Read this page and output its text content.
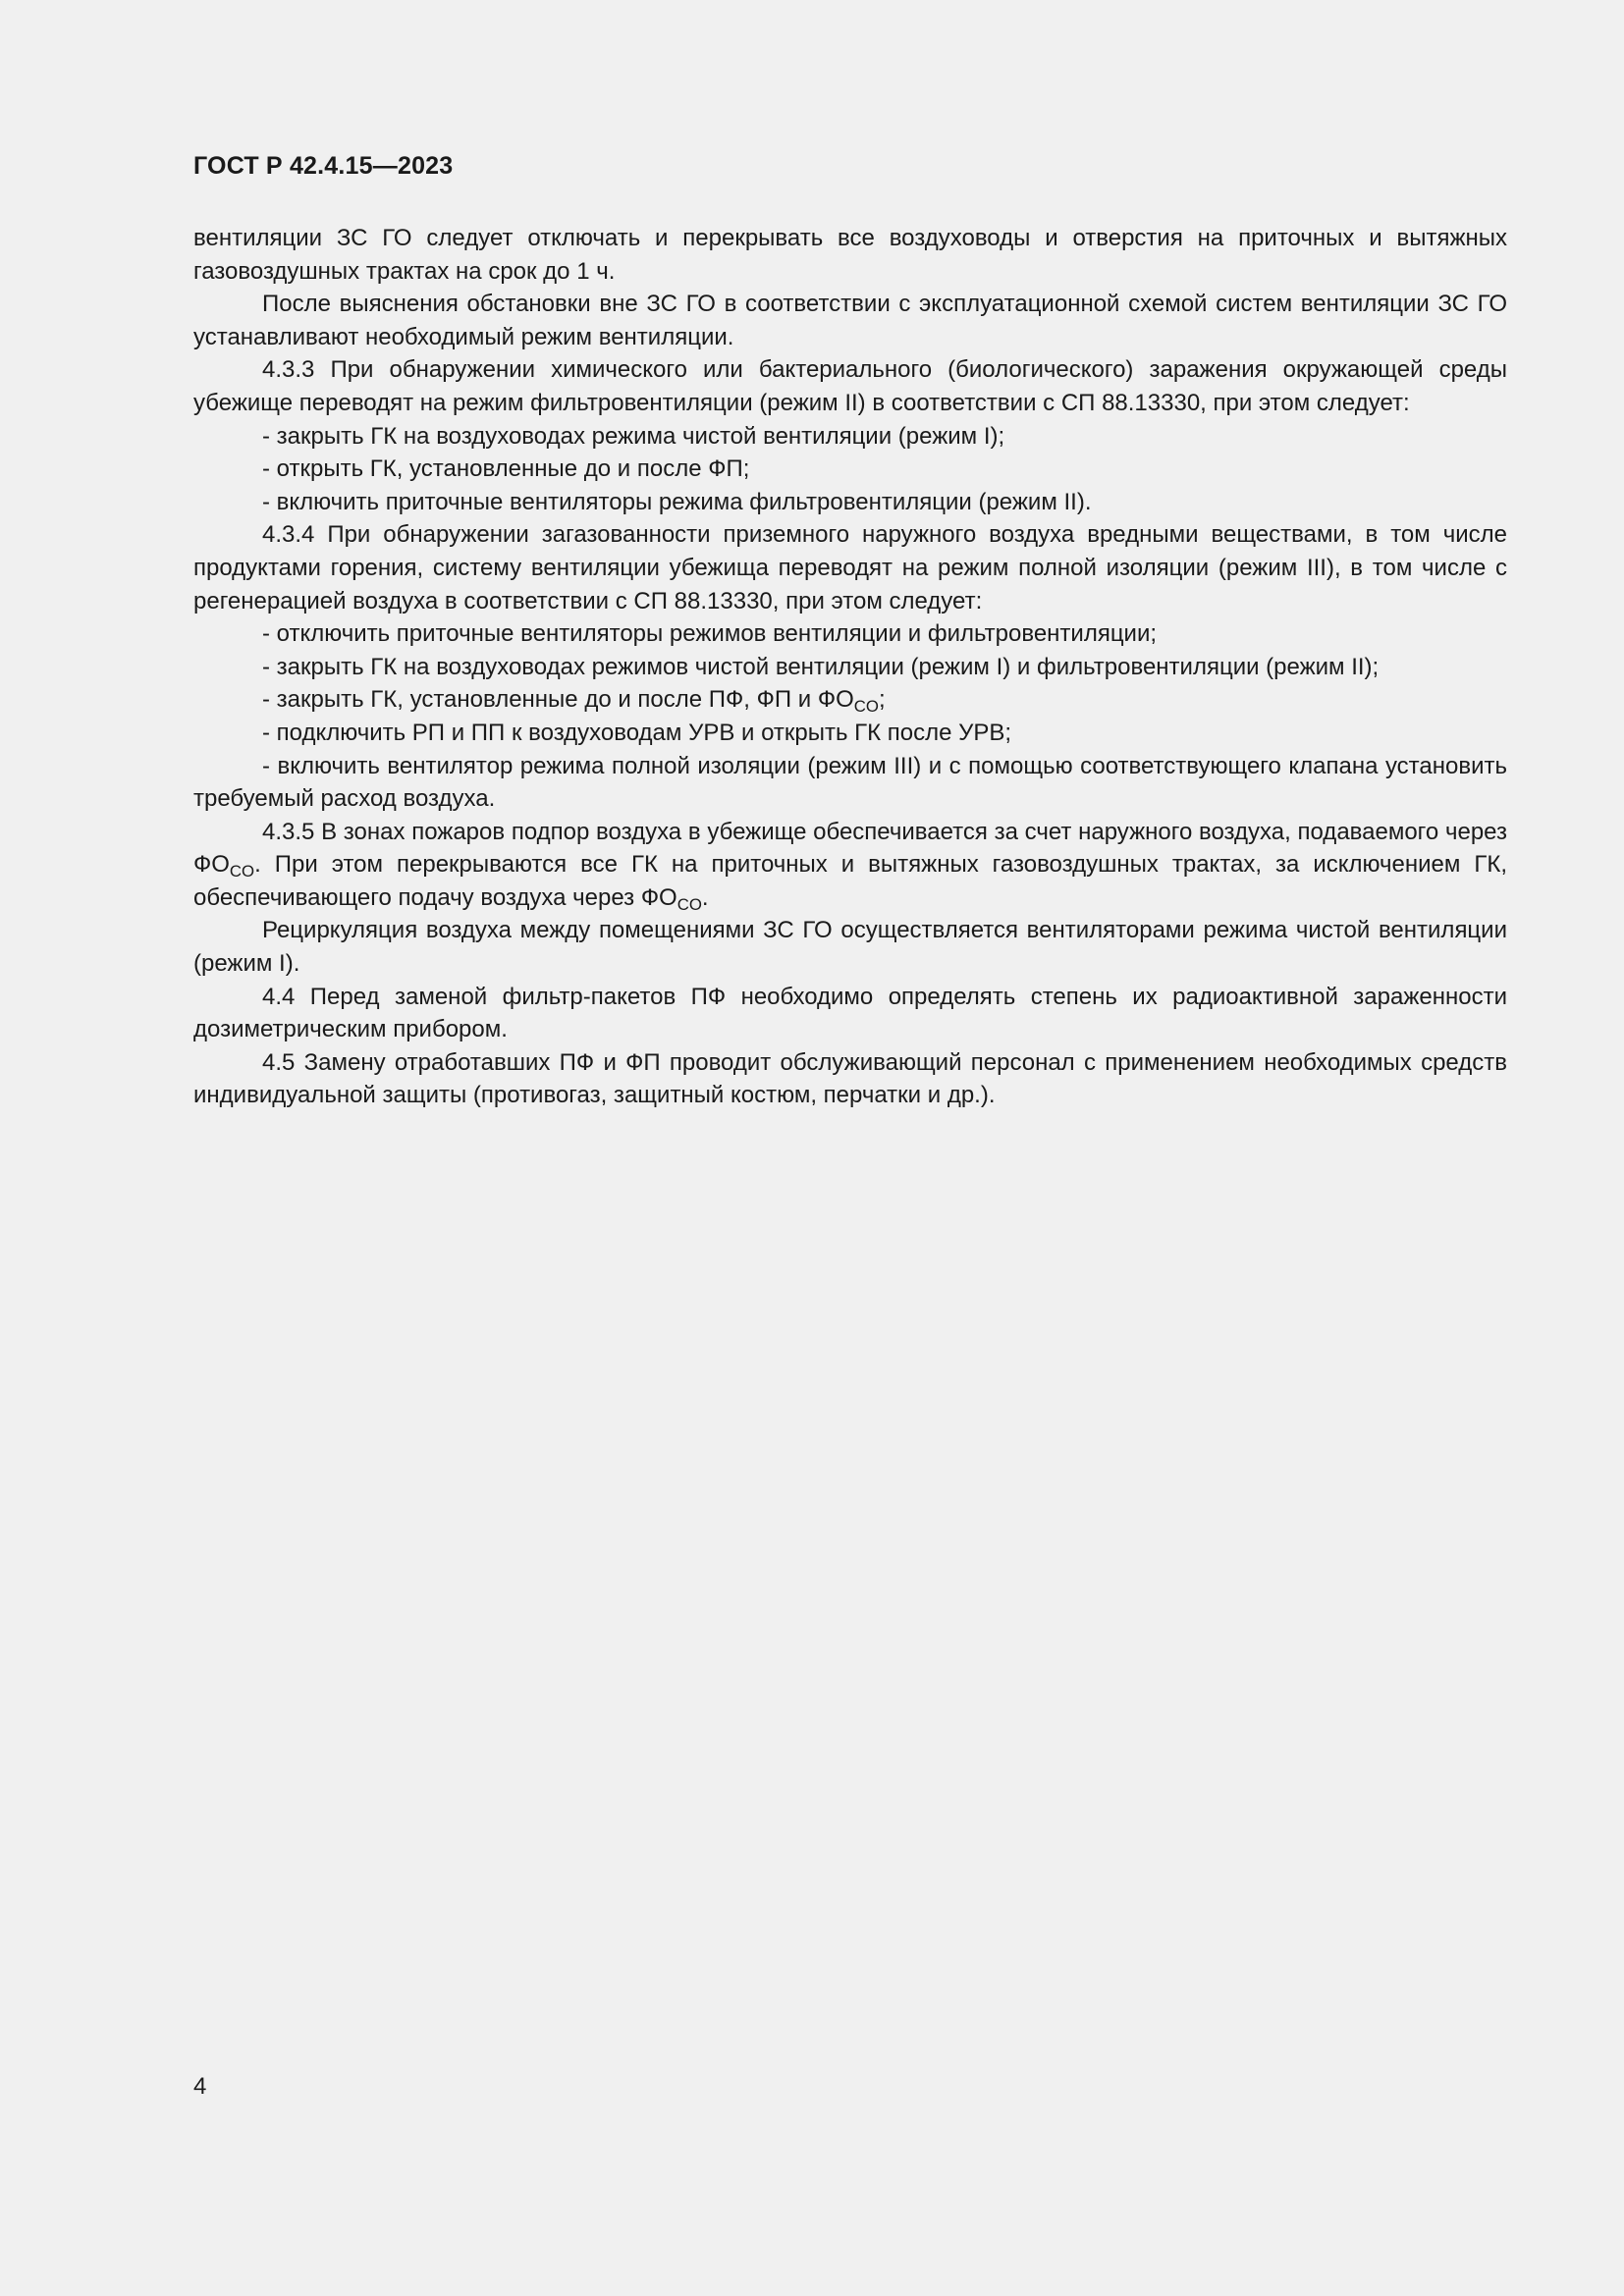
ГОСТ Р 42.4.15—2023

вентиляции ЗС ГО следует отключать и перекрывать все воздуховоды и отверстия на приточных и вытяжных газовоздушных трактах на срок до 1 ч.

После выяснения обстановки вне ЗС ГО в соответствии с эксплуатационной схемой систем вентиляции ЗС ГО устанавливают необходимый режим вентиляции.

4.3.3 При обнаружении химического или бактериального (биологического) заражения окружающей среды убежище переводят на режим фильтровентиляции (режим II) в соответствии с СП 88.13330, при этом следует:

- закрыть ГК на воздуховодах режима чистой вентиляции (режим I);

- открыть ГК, установленные до и после ФП;

- включить приточные вентиляторы режима фильтровентиляции (режим II).

4.3.4 При обнаружении загазованности приземного наружного воздуха вредными веществами, в том числе продуктами горения, систему вентиляции убежища переводят на режим полной изоляции (режим III), в том числе с регенерацией воздуха в соответствии с СП 88.13330, при этом следует:

- отключить приточные вентиляторы режимов вентиляции и фильтровентиляции;

- закрыть ГК на воздуховодах режимов чистой вентиляции (режим I) и фильтровентиляции (режим II);

- закрыть ГК, установленные до и после ПФ, ФП и $ФО_{CO}$;

- подключить РП и ПП к воздуховодам УРВ и открыть ГК после УРВ;

- включить вентилятор режима полной изоляции (режим III) и с помощью соответствующего клапана установить требуемый расход воздуха.

4.3.5 В зонах пожаров подпор воздуха в убежище обеспечивается за счет наружного воздуха, подаваемого через $ФО_{CO}$. При этом перекрываются все ГК на приточных и вытяжных газовоздушных трактах, за исключением ГК, обеспечивающего подачу воздуха через $ФО_{CO}$.

Рециркуляция воздуха между помещениями ЗС ГО осуществляется вентиляторами режима чистой вентиляции (режим I).

4.4 Перед заменой фильтр-пакетов ПФ необходимо определять степень их радиоактивной зараженности дозиметрическим прибором.

4.5 Замену отработавших ПФ и ФП проводит обслуживающий персонал с применением необходимых средств индивидуальной защиты (противогаз, защитный костюм, перчатки и др.).

4
